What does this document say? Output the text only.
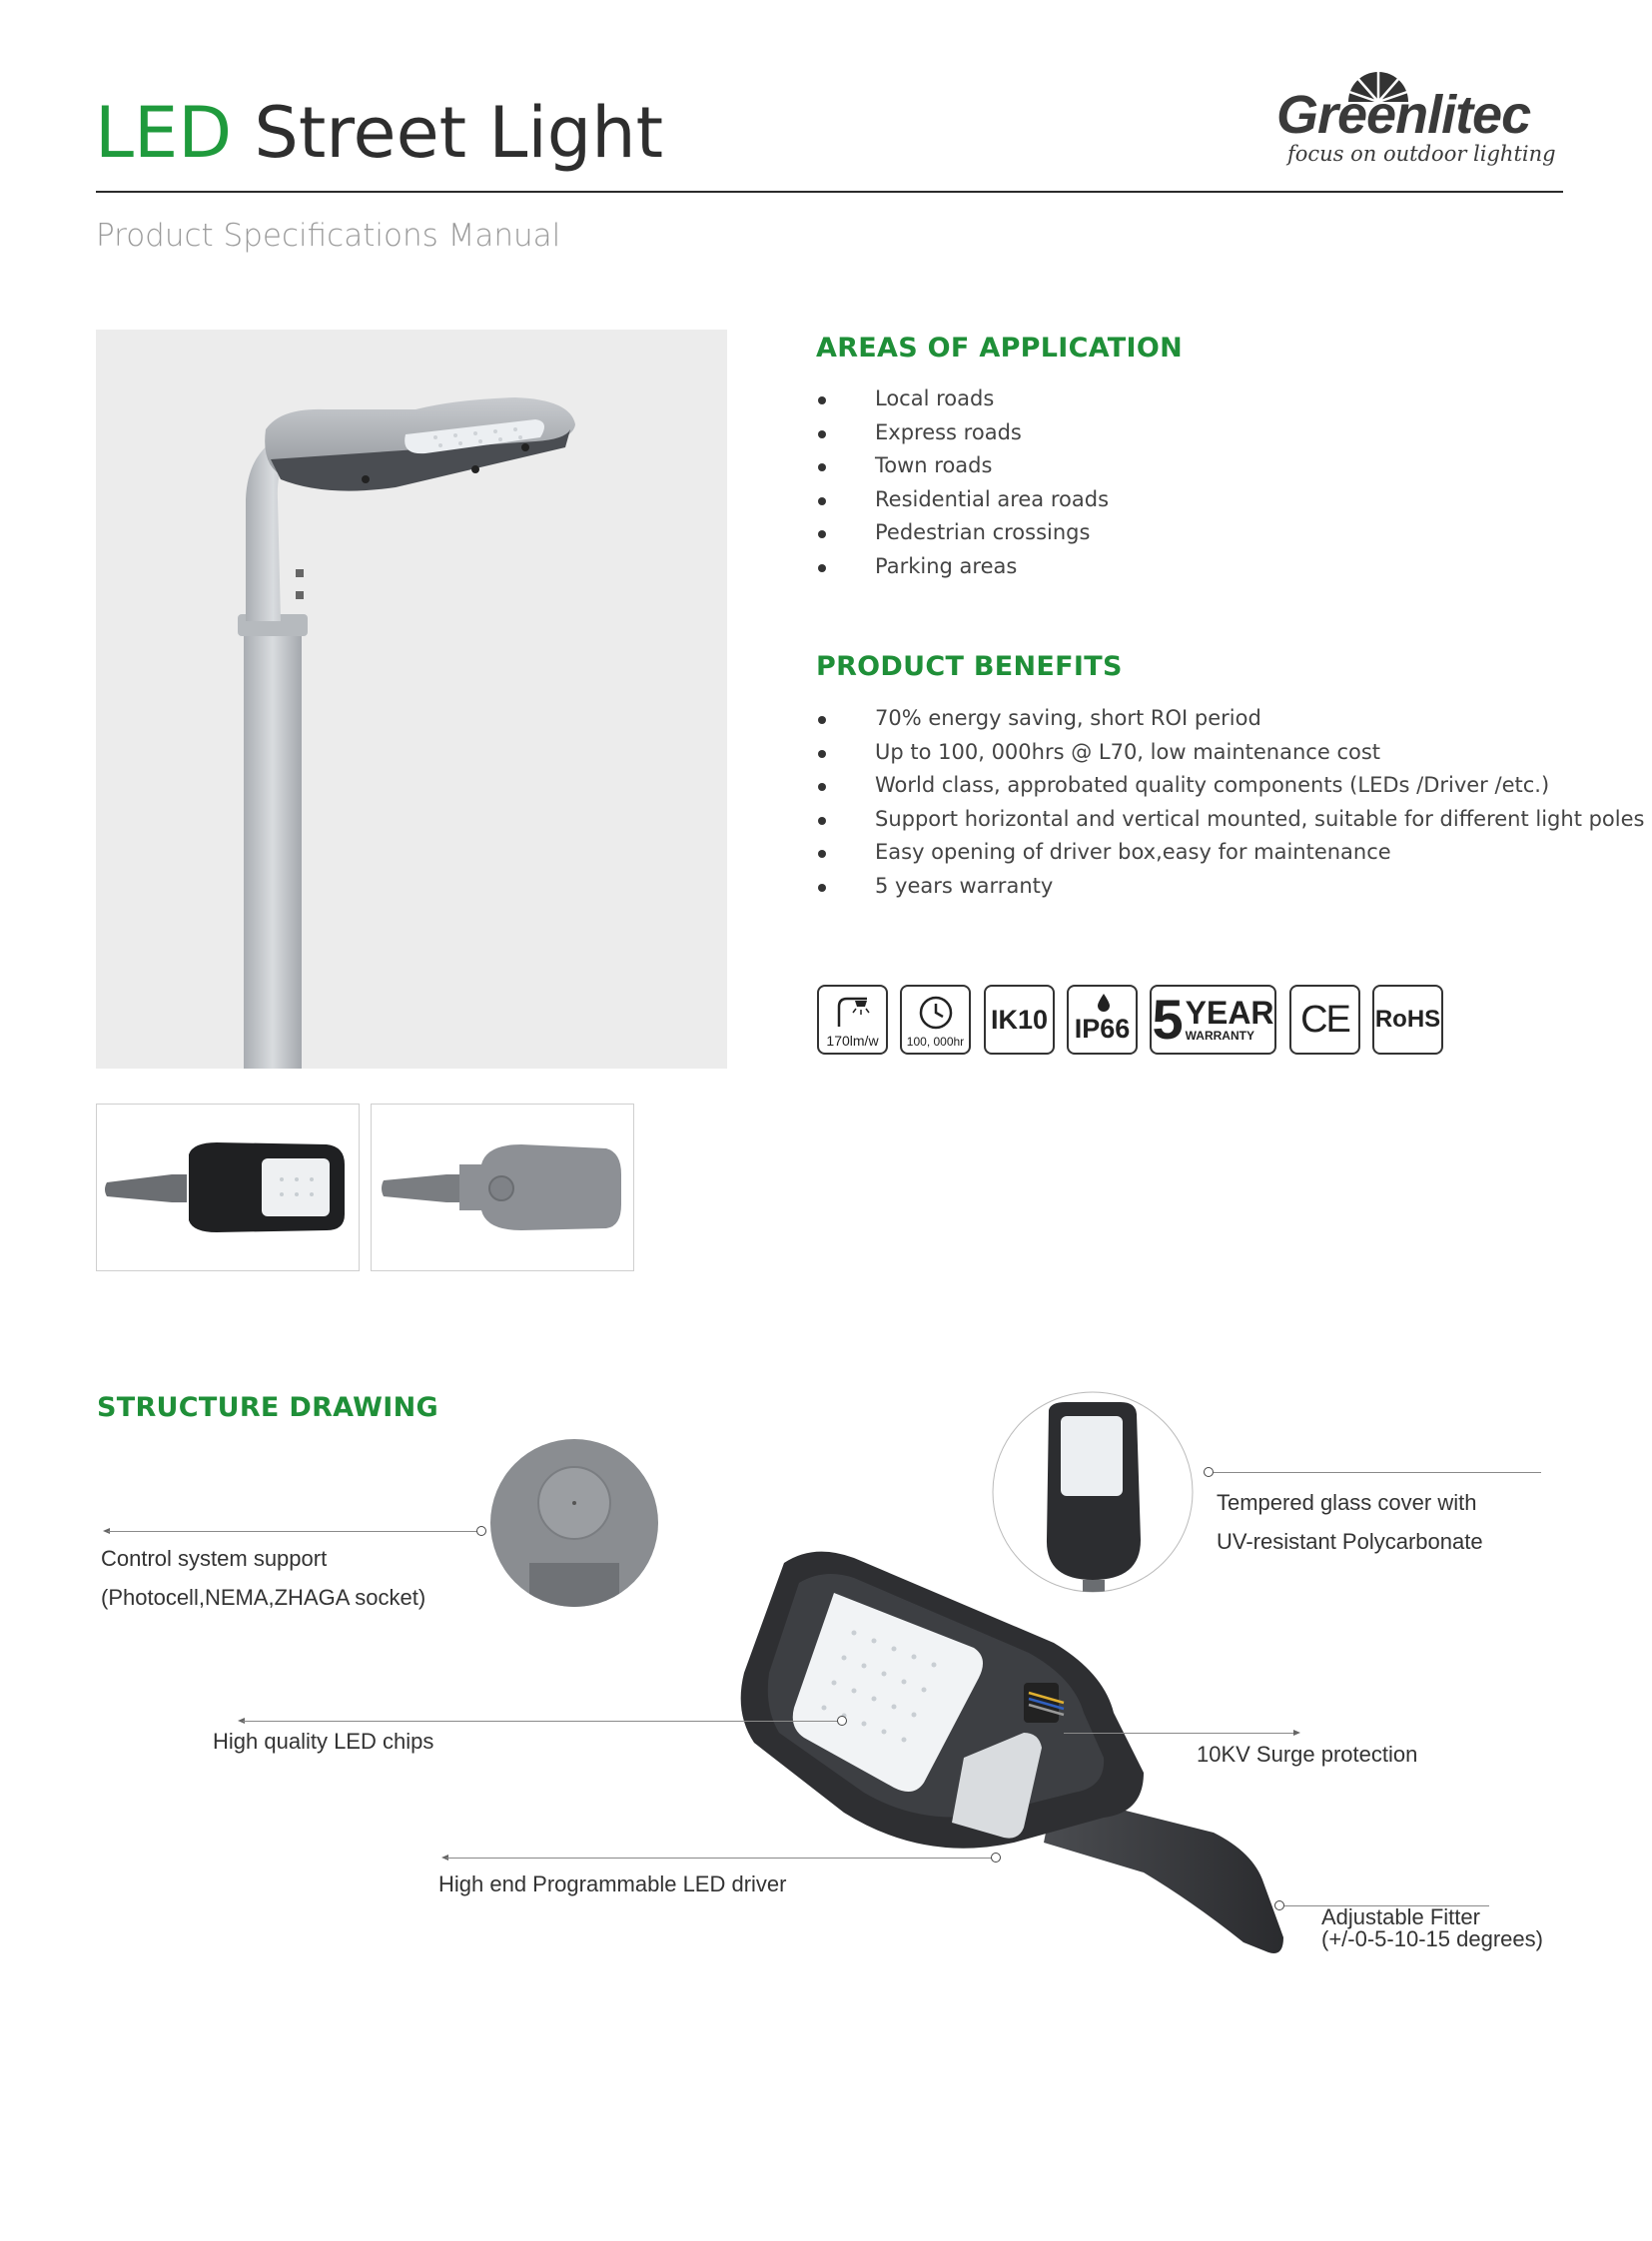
LED Street Light	Greenlitec
focus on outdoor lighting
Product Specifications Manual
AREAS OF APPLICATION
Local roads
Express roads
Town roads
Residential area roads
Pedestrian crossings
Parking areas
PRODUCT BENEFITS
70% energy saving, short ROI period
Up to 100, 000hrs @ L70, low maintenance cost
World class, approbated quality components (LEDs /Driver /etc.)
Support horizontal and vertical mounted, suitable for different light poles
Easy opening of driver box,easy for maintenance
5 years warranty
170lm/w	100, 000hr
IK10 IP66 5 YEAR
WARRANTY CE	RoHS
STRUCTURE DRAWING
Control system support
(Photocell,NEMA,ZHAGA socket)
Tempered glass cover with
UV-resistant Polycarbonate
High quality LED chips
10KV Surge protection
High end Programmable LED driver
Adjustable Fitter
(+/-0-5-10-15 degrees)
